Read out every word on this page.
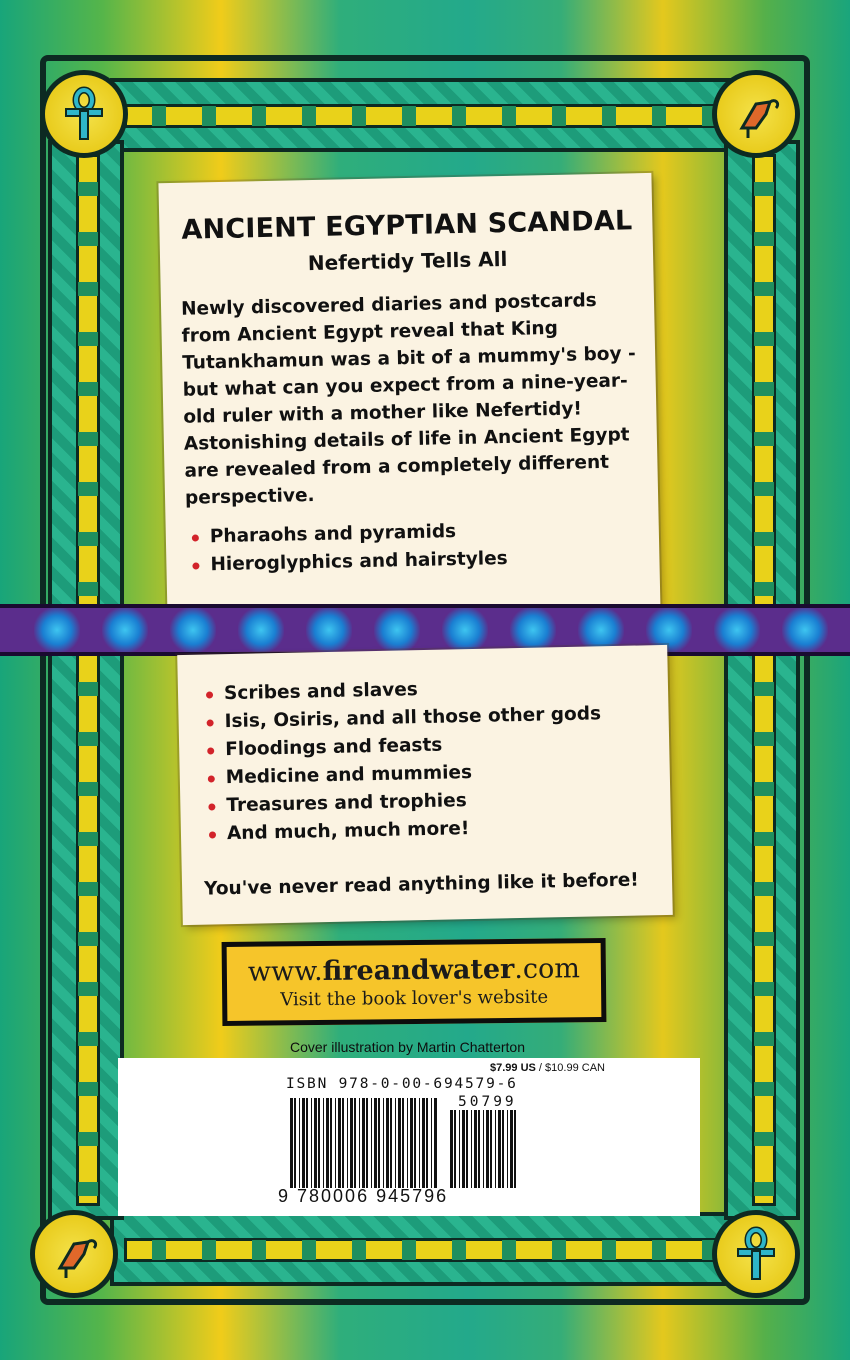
ANCIENT EGYPTIAN SCANDAL
Nefertidy Tells All
Newly discovered diaries and postcards from Ancient Egypt reveal that King Tutankhamun was a bit of a mummy's boy - but what can you expect from a nine-year-old ruler with a mother like Nefertidy! Astonishing details of life in Ancient Egypt are revealed from a completely different perspective.
Pharaohs and pyramids
Hieroglyphics and hairstyles
Scribes and slaves
Isis, Osiris, and all those other gods
Floodings and feasts
Medicine and mummies
Treasures and trophies
And much, much more!
You've never read anything like it before!
www.fireandwater.com
Visit the book lover's website
Cover illustration by Martin Chatterton
$7.99 US / $10.99 CAN
ISBN 978-0-00-694579-6
50799
9 780006 945796
